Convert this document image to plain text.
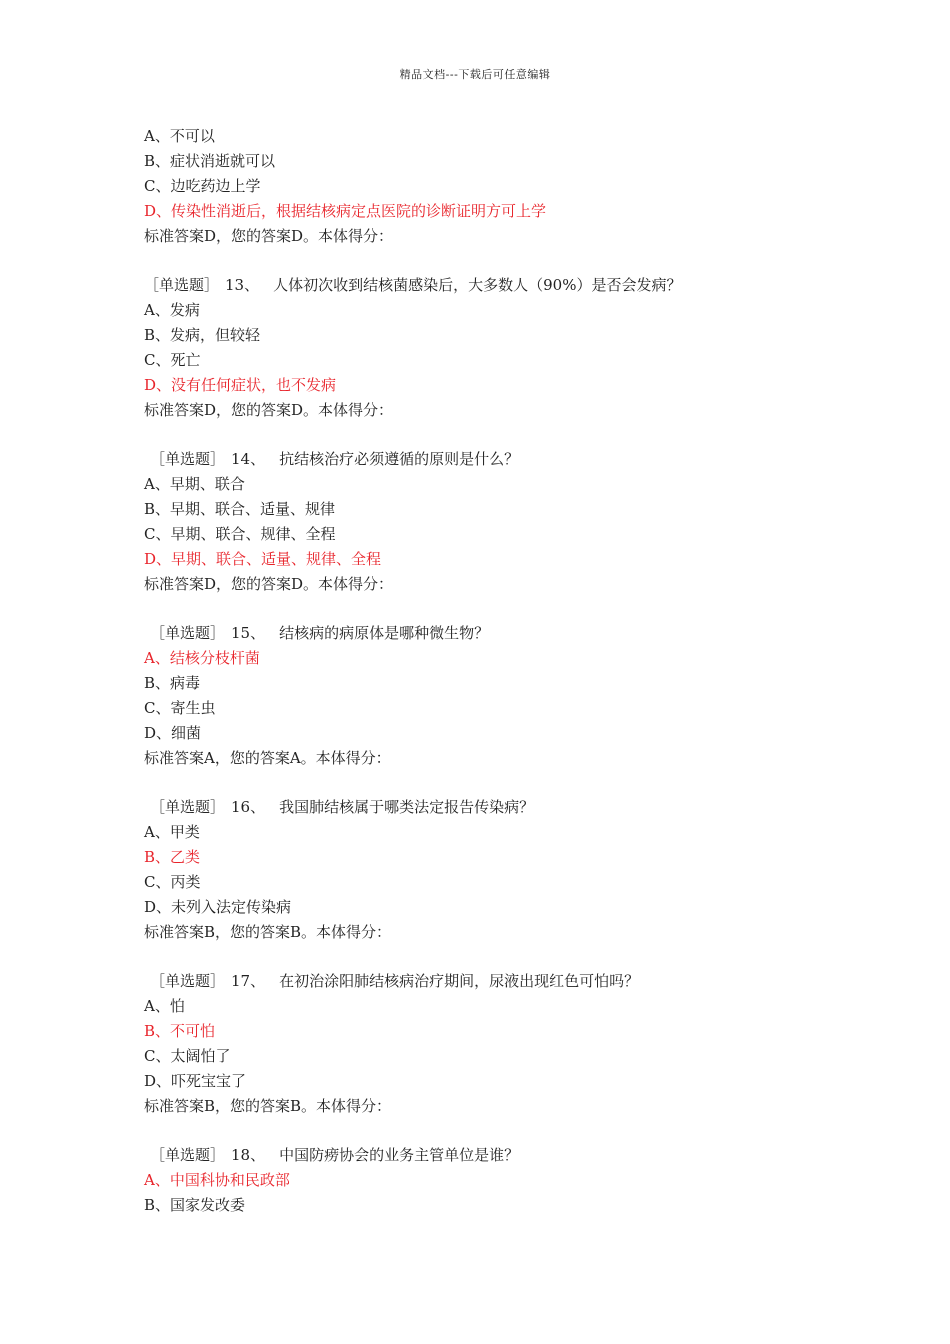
精品文档---下载后可任意编辑
A、不可以
B、症状消逝就可以
C、边吃药边上学
D、传染性消逝后，根据结核病定点医院的诊断证明方可上学
标准答案D，您的答案D。本体得分：
［单选题］ 13、 人体初次收到结核菌感染后，大多数人（90%）是否会发病？
A、发病
B、发病，但较轻
C、死亡
D、没有任何症状，也不发病
标准答案D，您的答案D。本体得分：
［单选题］ 14、 抗结核治疗必须遵循的原则是什么？
A、早期、联合
B、早期、联合、适量、规律
C、早期、联合、规律、全程
D、早期、联合、适量、规律、全程
标准答案D，您的答案D。本体得分：
［单选题］ 15、 结核病的病原体是哪种微生物？
A、结核分枝杆菌
B、病毒
C、寄生虫
D、细菌
标准答案A，您的答案A。本体得分：
［单选题］ 16、 我国肺结核属于哪类法定报告传染病？
A、甲类
B、乙类
C、丙类
D、未列入法定传染病
标准答案B，您的答案B。本体得分：
［单选题］ 17、 在初治涂阳肺结核病治疗期间，尿液出现红色可怕吗？
A、怕
B、不可怕
C、太阔怕了
D、吓死宝宝了
标准答案B，您的答案B。本体得分：
［单选题］ 18、 中国防痨协会的业务主管单位是谁？
A、中国科协和民政部
B、国家发改委
